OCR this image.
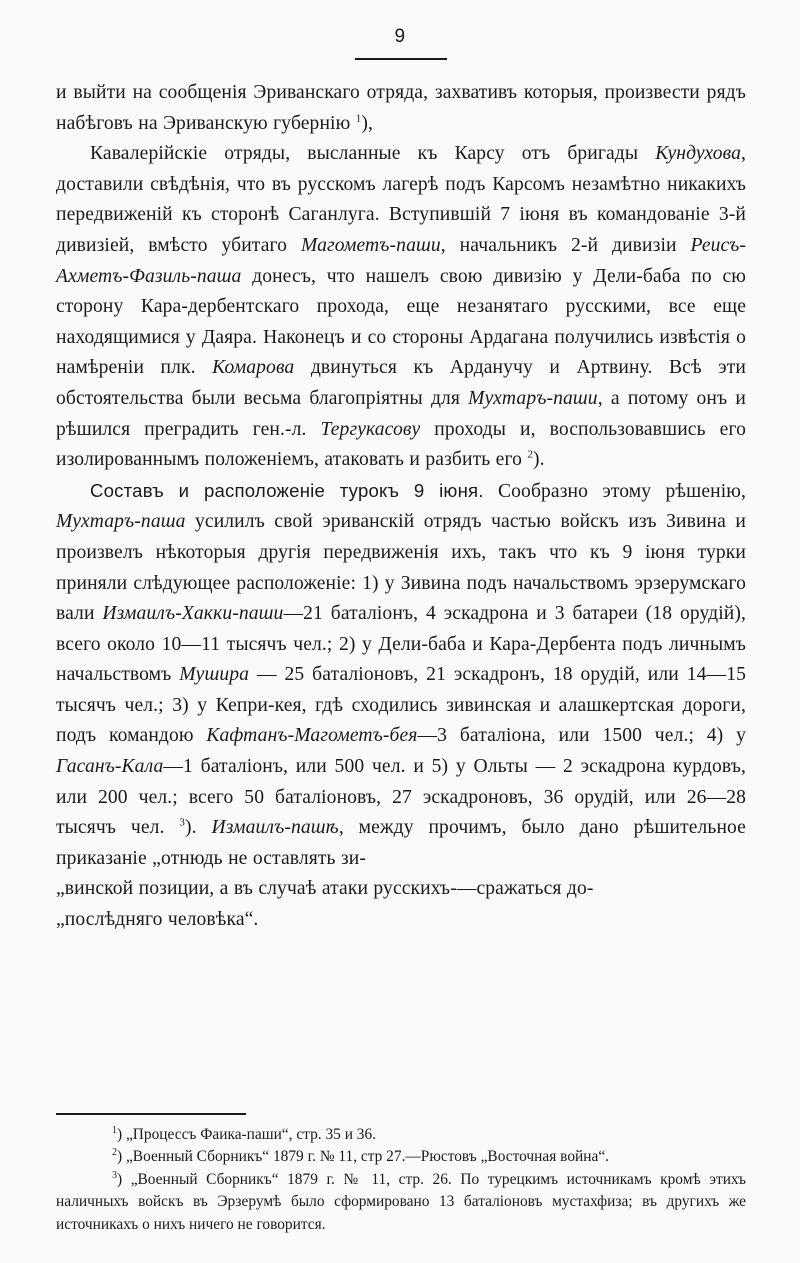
9

и выйти на сообщенія Эриванскаго отряда, захвативъ которыя, произвести рядъ набѣговъ на Эриванскую губернію $^1$),

Кавалерійскіе отряды, высланные къ Карсу отъ бригады Кундухова, доставили свѣдѣнія, что въ русскомъ лагерѣ подъ Карсомъ незамѣтно никакихъ передвиженій къ сторонѣ Саганлуга. Вступившій 7 іюня въ командованіе 3-й дивизіей, вмѣсто убитаго Магометъ-паши, начальникъ 2-й дивизіи Реисъ-Ахметъ-Фазиль-паша донесъ, что нашелъ свою дивизію у Дели-баба по сю сторону Кара-дербентскаго прохода, еще незанятаго русскими, все еще находящимися у Даяра. Наконецъ и со стороны Ардагана получились извѣстія о намѣреніи плк. Комарова двинуться къ Арданучу и Артвину. Всѣ эти обстоятельства были весьма благопріятны для Мухтаръ-паши, а потому онъ и рѣшился преградить ген.-л. Тергукасову проходы и, воспользовавшись его изолированнымъ положеніемъ, атаковать и разбить его $^2$).

Составъ и расположеніе турокъ 9 іюня. Сообразно этому рѣшенію, Мухтаръ-паша усилилъ свой эриванскій отрядъ частью войскъ изъ Зивина и произвелъ нѣкоторыя другія передвиженія ихъ, такъ что къ 9 іюня турки приняли слѣдующее расположеніе: 1) у Зивина подъ начальствомъ эрзерумскаго вали Измаилъ-Хакки-паши—21 баталіонъ, 4 эскадрона и 3 батареи (18 орудій), всего около 10—11 тысячъ чел.; 2) у Дели-баба и Кара-Дербента подъ личнымъ начальствомъ Мушира — 25 баталіоновъ, 21 эскадронъ, 18 орудій, или 14—15 тысячъ чел.; 3) у Кепри-кея, гдѣ сходились зивинская и алашкертская дороги, подъ командою Кафтанъ-Магометъ-бея—3 баталіона, или 1500 чел.; 4) у Гасанъ-Кала—1 баталіонъ, или 500 чел. и 5) у Ольты — 2 эскадрона курдовъ, или 200 чел.; всего 50 баталіоновъ, 27 эскадроновъ, 36 орудій, или 26—28 тысячъ чел. $^3$). Измаилъ-пашѣ, между прочимъ, было дано рѣшительное приказаніе „отнюдь не оставлять зи-

„винской позиции, а въ случаѣ атаки русскихъ-—сражаться до-

„послѣдняго человѣка“.

$^1$) „Процессъ Фаика-паши“, стр. 35 и 36.

$^2$) „Военный Сборникъ“ 1879 г. № 11, стр 27.—Рюстовъ „Восточная война“.

$^3$) „Военный Сборникъ“ 1879 г. № 11, стр. 26. По турецкимъ источникамъ кромѣ этихъ наличныхъ войскъ въ Эрзерумѣ было сформировано 13 баталіоновъ мустахфиза; въ другихъ же источникахъ о нихъ ничего не говорится.
